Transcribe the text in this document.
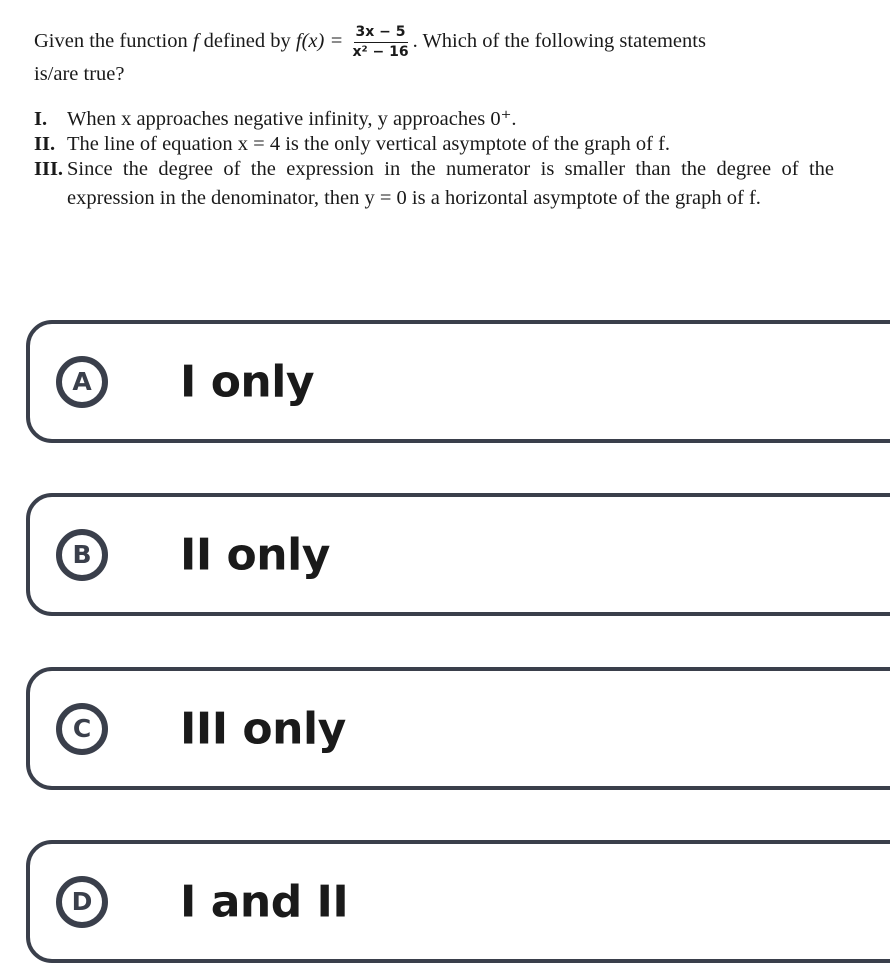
Given the function f defined by $f(x) = \frac{3x - 5}{\text{x² − 16}}$ . Which of the following statements
is/are true?
I. When x approaches negative infinity, y approaches 0⁺.
II. The line of equation x = 4 is the only vertical asymptote of the graph of f.
III. Since the degree of the expression in the numerator is smaller than the degree of the expression in the denominator, then y = 0 is a horizontal asymptote of the graph of f.
A	I only
B	II only
C	III only
D	I and II
